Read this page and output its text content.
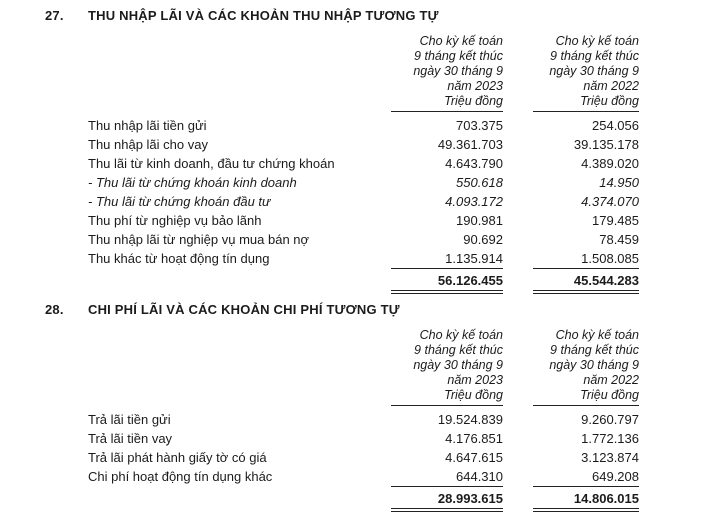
27.	THU NHẬP LÃI VÀ CÁC KHOẢN THU NHẬP TƯƠNG TỰ
Cho kỳ kế toán
9 tháng kết thúc
ngày 30 tháng 9
năm 2023
Triệu đồng
Cho kỳ kế toán
9 tháng kết thúc
ngày 30 tháng 9
năm 2022
Triệu đồng
Thu nhập lãi tiền gửi	703.375	254.056
Thu nhập lãi cho vay	49.361.703	39.135.178
Thu lãi từ kinh doanh, đầu tư chứng khoán	4.643.790	4.389.020
- Thu lãi từ chứng khoán kinh doanh	550.618	14.950
- Thu lãi từ chứng khoán đầu tư	4.093.172	4.374.070
Thu phí từ nghiệp vụ bảo lãnh	190.981	179.485
Thu nhập lãi từ nghiệp vụ mua bán nợ	90.692	78.459
Thu khác từ hoạt động tín dụng	1.135.914	1.508.085
56.126.455	45.544.283
28.	CHI PHÍ LÃI VÀ CÁC KHOẢN CHI PHÍ TƯƠNG TỰ
Cho kỳ kế toán
9 tháng kết thúc
ngày 30 tháng 9
năm 2023
Triệu đồng
Cho kỳ kế toán
9 tháng kết thúc
ngày 30 tháng 9
năm 2022
Triệu đồng
Trả lãi tiền gửi	19.524.839	9.260.797
Trả lãi tiền vay	4.176.851	1.772.136
Trả lãi phát hành giấy tờ có giá	4.647.615	3.123.874
Chi phí hoạt động tín dụng khác	644.310	649.208
28.993.615	14.806.015
